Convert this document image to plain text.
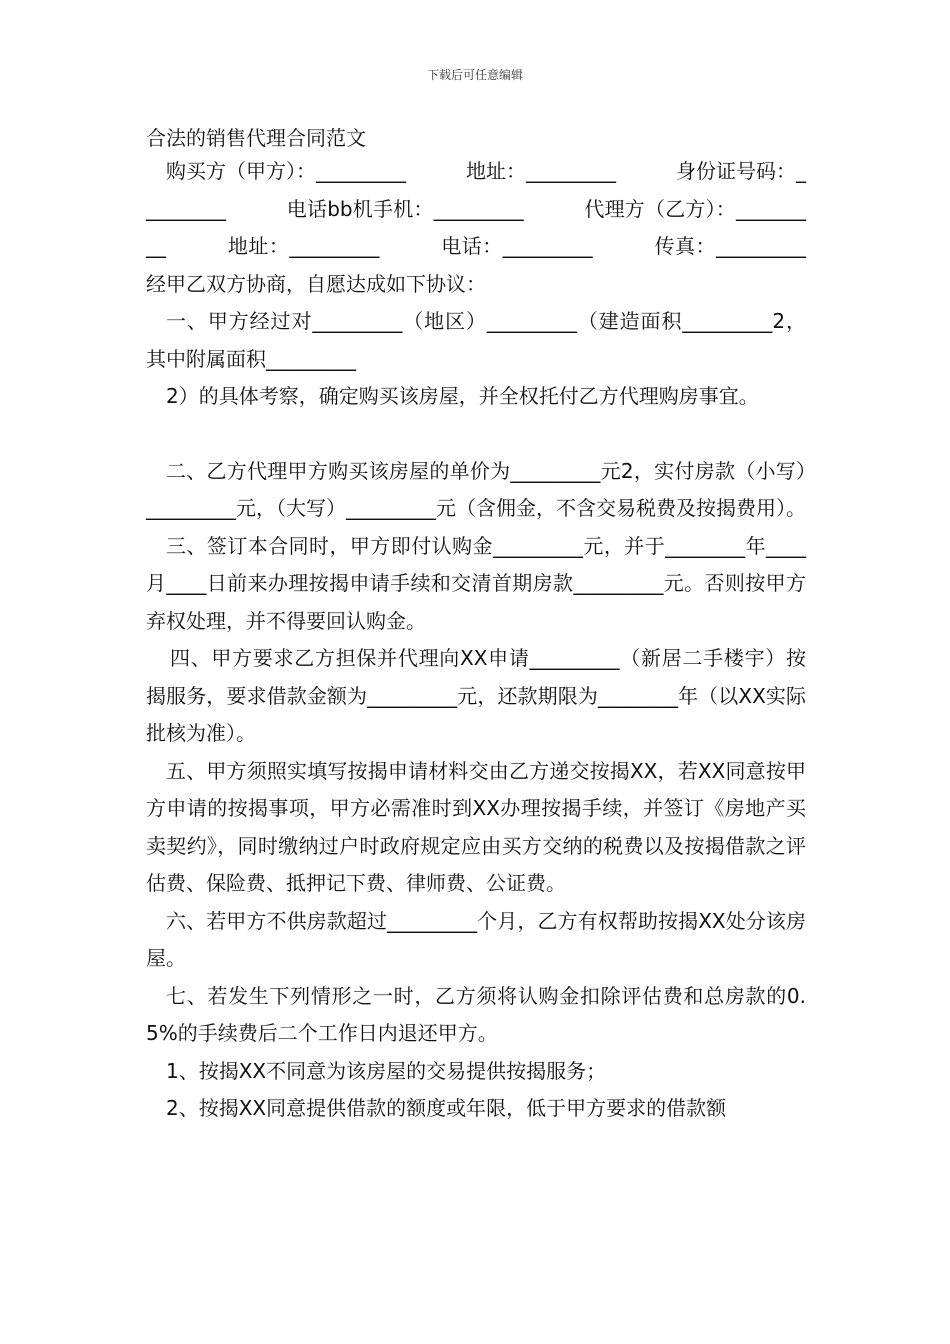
下载后可任意编辑
合法的销售代理合同范文

购买方（甲方）：_________　　　地址：_________　　　身份证号码：_________　　　电话bb机手机：_________　　　代理方（乙方）：_________　　　地址：_________　　　电话：_________　　　传真：_________　　　经甲乙双方协商，自愿达成如下协议：

一、甲方经过对_________（地区）_________（建造面积_________2，其中附属面积_________

2）的具体考察，确定购买该房屋，并全权托付乙方代理购房事宜。

二、乙方代理甲方购买该房屋的单价为_________元2，实付房款（小写）_________元，（大写）_________元（含佣金，不含交易税费及按揭费用）。

三、签订本合同时，甲方即付认购金_________元，并于________年____月____日前来办理按揭申请手续和交清首期房款_________元。否则按甲方弃权处理，并不得要回认购金。

四、甲方要求乙方担保并代理向XX申请_________（新居二手楼宇）按揭服务，要求借款金额为_________元，还款期限为________年（以XX实际批核为准）。

五、甲方须照实填写按揭申请材料交由乙方递交按揭XX，若XX同意按甲方申请的按揭事项，甲方必需准时到XX办理按揭手续，并签订《房地产买卖契约》，同时缴纳过户时政府规定应由买方交纳的税费以及按揭借款之评估费、保险费、抵押记下费、律师费、公证费。

六、若甲方不供房款超过_________个月，乙方有权帮助按揭XX处分该房屋。

七、若发生下列情形之一时，乙方须将认购金扣除评估费和总房款的0.5%的手续费后二个工作日内退还甲方。

1、按揭XX不同意为该房屋的交易提供按揭服务；

2、按揭XX同意提供借款的额度或年限，低于甲方要求的借款额
